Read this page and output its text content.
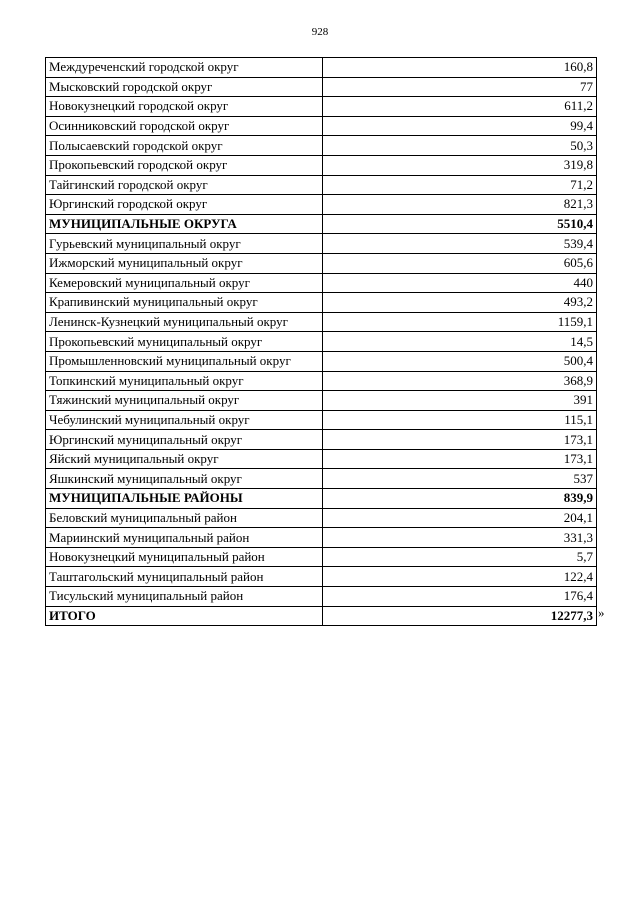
928
Междуреченский городской округ	160,8
Мысковский городской округ	77
Новокузнецкий городской округ	611,2
Осинниковский городской округ	99,4
Полысаевский городской округ	50,3
Прокопьевский городской округ	319,8
Тайгинский городской округ	71,2
Юргинский городской округ	821,3
МУНИЦИПАЛЬНЫЕ ОКРУГА	5510,4
Гурьевский муниципальный округ	539,4
Ижморский муниципальный округ	605,6
Кемеровский муниципальный округ	440
Крапивинский муниципальный округ	493,2
Ленинск-Кузнецкий муниципальный округ	1159,1
Прокопьевский муниципальный округ	14,5
Промышленновский муниципальный округ	500,4
Топкинский муниципальный округ	368,9
Тяжинский муниципальный округ	391
Чебулинский муниципальный округ	115,1
Юргинский муниципальный округ	173,1
Яйский муниципальный округ	173,1
Яшкинский муниципальный округ	537
МУНИЦИПАЛЬНЫЕ РАЙОНЫ	839,9
Беловский муниципальный район	204,1
Мариинский муниципальный район	331,3
Новокузнецкий муниципальный район	5,7
Таштагольский муниципальный район	122,4
Тисульский муниципальный район	176,4
ИТОГО	12277,3 »
